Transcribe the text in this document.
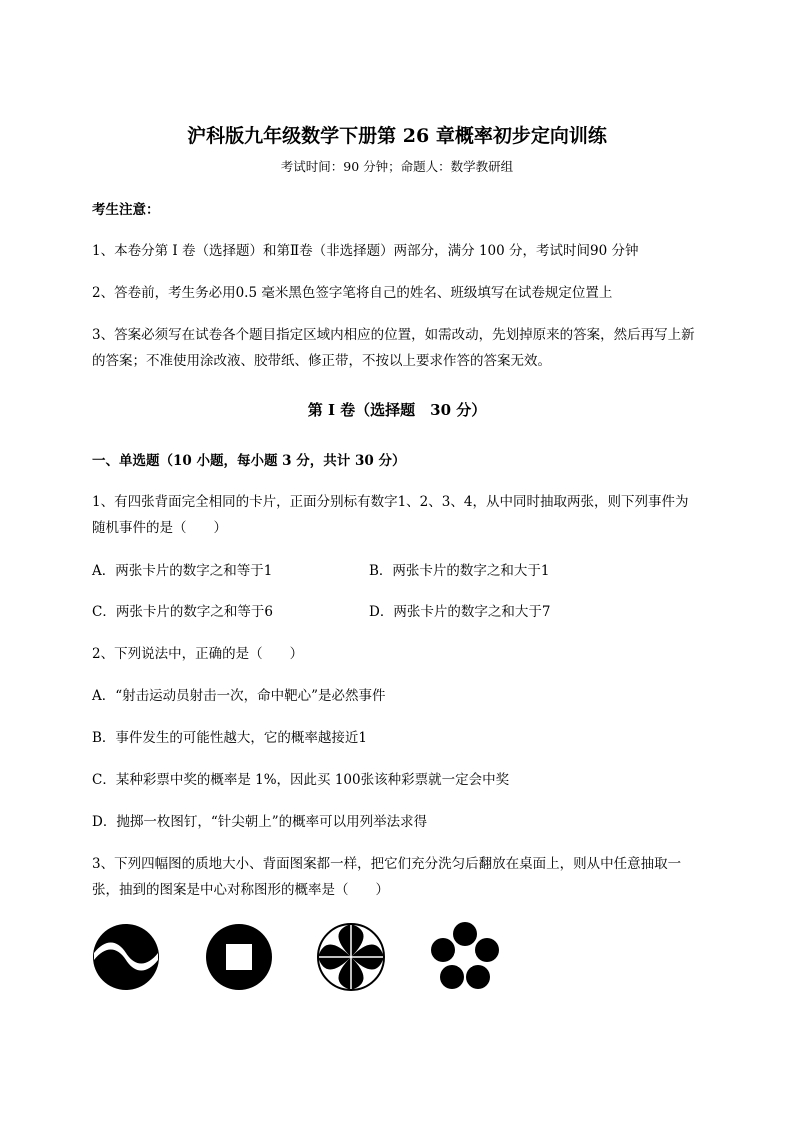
沪科版九年级数学下册第 26 章概率初步定向训练
考试时间：90 分钟；命题人：数学教研组
考生注意：
1、本卷分第 I 卷（选择题）和第Ⅱ卷（非选择题）两部分，满分 100 分，考试时间90 分钟
2、答卷前，考生务必用0.5 毫米黑色签字笔将自己的姓名、班级填写在试卷规定位置上
3、答案必须写在试卷各个题目指定区域内相应的位置，如需改动，先划掉原来的答案，然后再写上新
的答案；不准使用涂改液、胶带纸、修正带，不按以上要求作答的答案无效。
第 I 卷（选择题　30 分）
一、单选题（10 小题，每小题 3 分，共计 30 分）
1、有四张背面完全相同的卡片，正面分别标有数字1、2、3、4，从中同时抽取两张，则下列事件为
随机事件的是（　　）
A．两张卡片的数字之和等于1	B．两张卡片的数字之和大于1
C．两张卡片的数字之和等于6	D．两张卡片的数字之和大于7
2、下列说法中，正确的是（　　）
A．“射击运动员射击一次，命中靶心”是必然事件
B．事件发生的可能性越大，它的概率越接近1
C．某种彩票中奖的概率是 1%，因此买 100张该种彩票就一定会中奖
D．抛掷一枚图钉，“针尖朝上”的概率可以用列举法求得
3、下列四幅图的质地大小、背面图案都一样，把它们充分洗匀后翻放在桌面上，则从中任意抽取一
张，抽到的图案是中心对称图形的概率是（　　）
